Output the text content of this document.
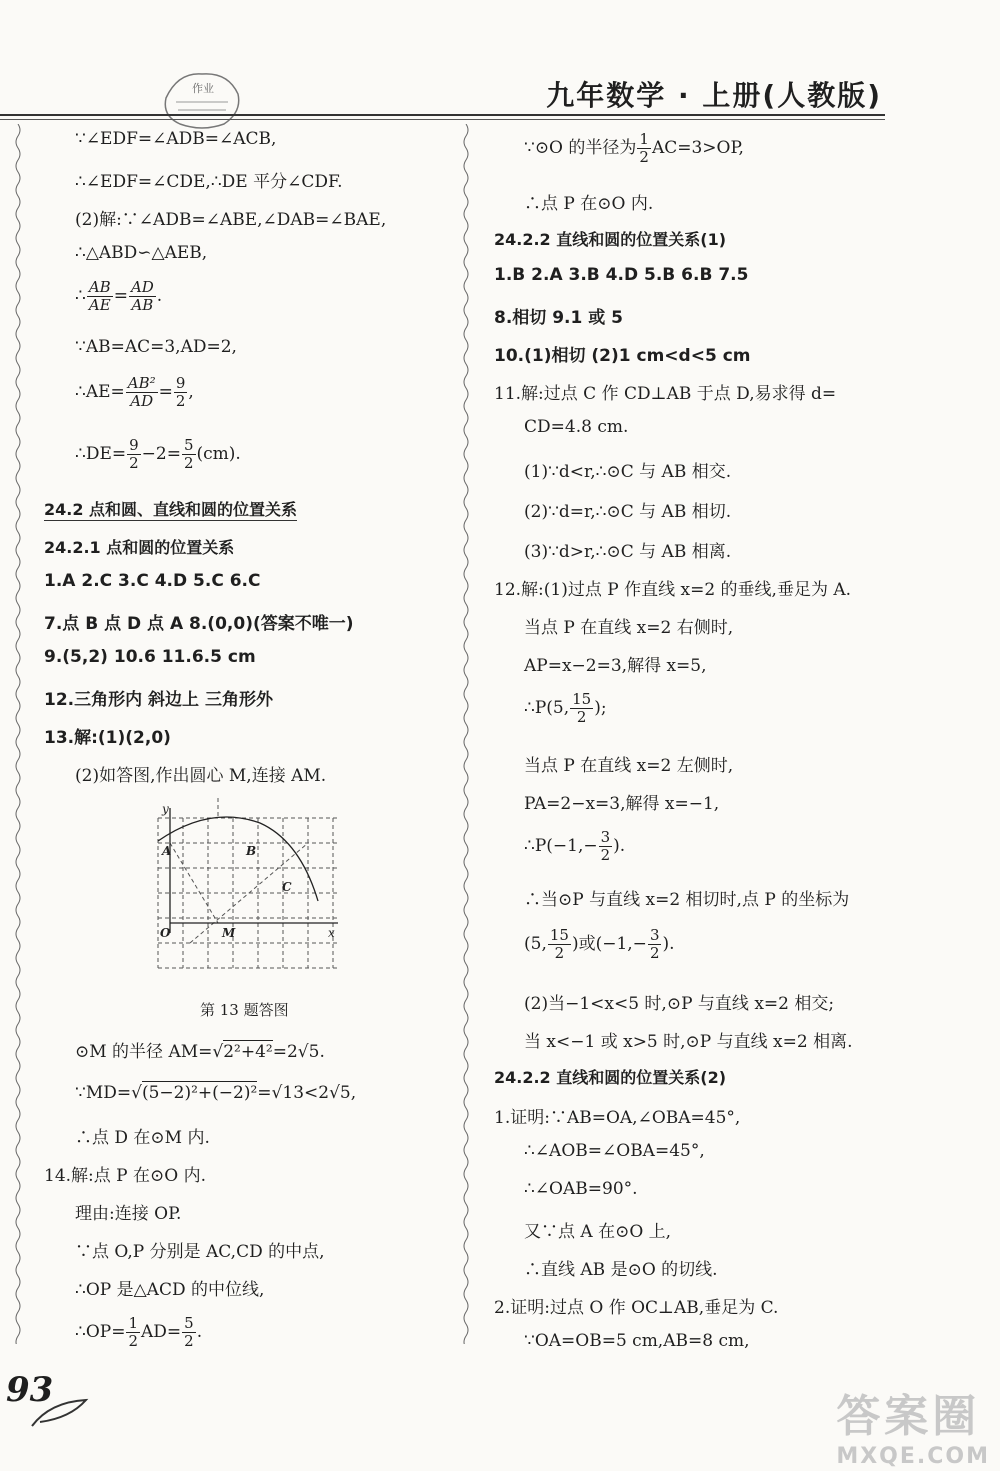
作业	九年数学 · 上册(人教版)
∵∠EDF=∠ADB=∠ACB,
∴∠EDF=∠CDE,∴DE 平分∠CDF.
(2)解:∵∠ADB=∠ABE,∠DAB=∠BAE,
∴△ABD∽△AEB,
∴ $\frac{AB}{AE} = \frac{AD}{AB}$ .
∵AB=AC=3,AD=2,
∴AE= $\frac{\text{AB²}}{AD} = \frac{9}{2}$ ,
∴DE= $\frac{9}{2} -2= \frac{5}{2} (cm)$.
24.2 点和圆、直线和圆的位置关系
24.2.1 点和圆的位置关系
1.A 2.C 3.C 4.D 5.C 6.C
7.点 B 点 D 点 A 8.(0,0)(答案不唯一)
9.(5,2) 10.6 11.6.5 cm
12.三角形内 斜边上 三角形外
13.解:(1)(2,0)
(2)如答图,作出圆心 M,连接 AM.
y
x
O
A	B
C
M
第 13 题答图
⊙M 的半径 AM=√2²+4²=2√5.
∵MD=√(5−2)²+(−2)²=√13<2√5,
∴点 D 在⊙M 内.
14.解:点 P 在⊙O 内.
理由:连接 OP.
∵点 O,P 分别是 AC,CD 的中点,
∴OP 是△ACD 的中位线,
∴OP= $\frac{1}{2} AD= \frac{5}{2}$ .
∵⊙O 的半径为 $\frac{1}{2} AC=3>OP$,
∴点 P 在⊙O 内.
24.2.2 直线和圆的位置关系(1)
1.B 2.A 3.B 4.D 5.B 6.B 7.5
8.相切 9.1 或 5
10.(1)相切 (2)1 cm<d<5 cm
11.解:过点 C 作 CD⊥AB 于点 D,易求得 d=
CD=4.8 cm.
(1)∵d<r,∴⊙C 与 AB 相交.
(2)∵d=r,∴⊙C 与 AB 相切.
(3)∵d>r,∴⊙C 与 AB 相离.
12.解:(1)过点 P 作直线 x=2 的垂线,垂足为 A.
当点 P 在直线 x=2 右侧时,
AP=x−2=3,解得 x=5,
∴P(5, $\frac{15}{2}$ );
当点 P 在直线 x=2 左侧时,
PA=2−x=3,解得 x=−1,
∴P(−1,− $\frac{3}{2}$ ).
∴当⊙P 与直线 x=2 相切时,点 P 的坐标为
(5, $\frac{15}{2}$ )或($-1,- \frac{3}{2}$ ).
(2)当−1<x<5 时,⊙P 与直线 x=2 相交;
当 x<−1 或 x>5 时,⊙P 与直线 x=2 相离.
24.2.2 直线和圆的位置关系(2)
1.证明:∵AB=OA,∠OBA=45°,
∴∠AOB=∠OBA=45°,
∴∠OAB=90°.
又∵点 A 在⊙O 上,
∴直线 AB 是⊙O 的切线.
2.证明:过点 O 作 OC⊥AB,垂足为 C.
∵OA=OB=5 cm,AB=8 cm,
93
答案圈
MXQE.COM
